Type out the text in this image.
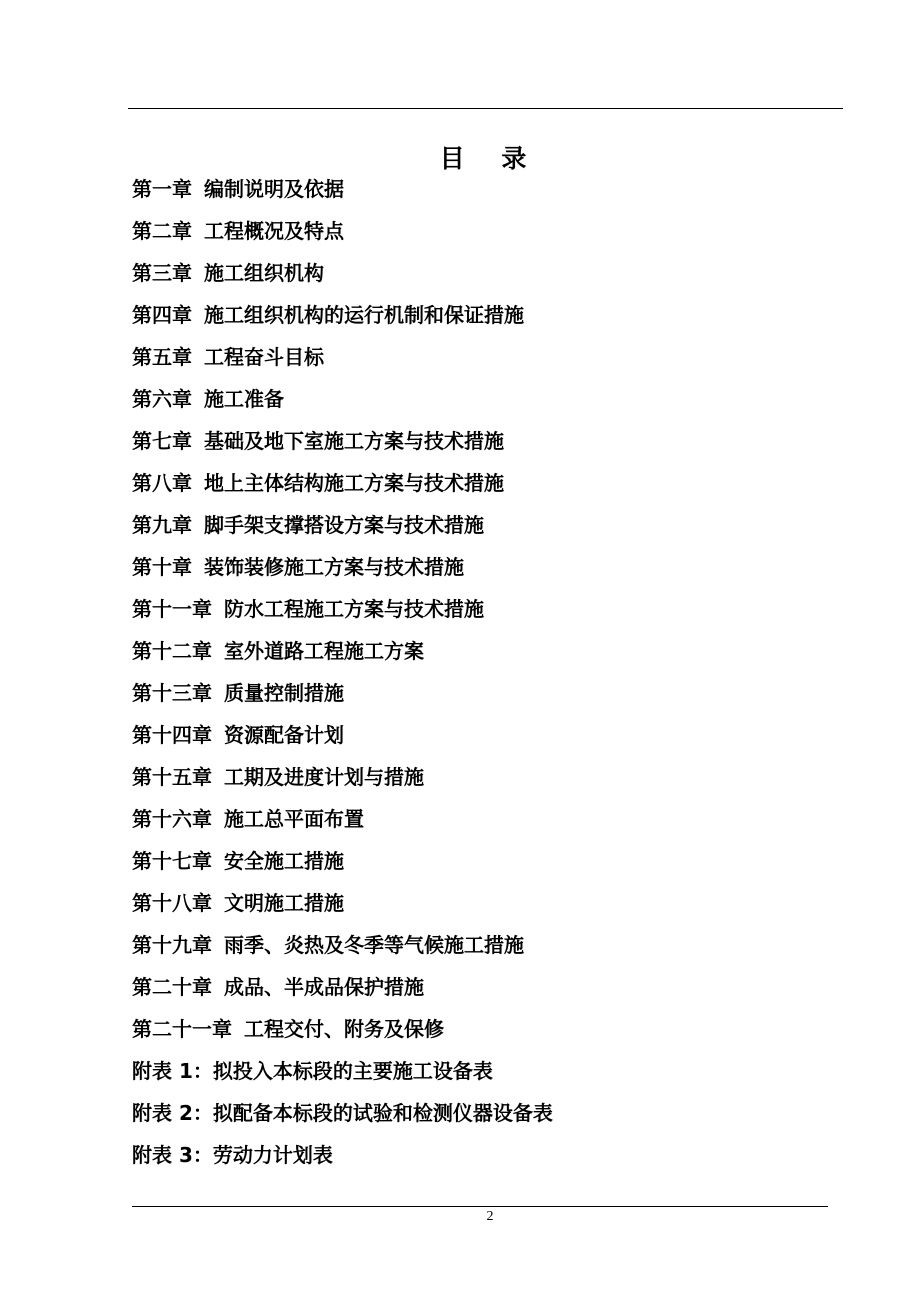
目 录
第一章 编制说明及依据
第二章 工程概况及特点
第三章 施工组织机构
第四章 施工组织机构的运行机制和保证措施
第五章 工程奋斗目标
第六章 施工准备
第七章 基础及地下室施工方案与技术措施
第八章 地上主体结构施工方案与技术措施
第九章 脚手架支撑搭设方案与技术措施
第十章 装饰装修施工方案与技术措施
第十一章 防水工程施工方案与技术措施
第十二章 室外道路工程施工方案
第十三章 质量控制措施
第十四章 资源配备计划
第十五章 工期及进度计划与措施
第十六章 施工总平面布置
第十七章 安全施工措施
第十八章 文明施工措施
第十九章 雨季、炎热及冬季等气候施工措施
第二十章 成品、半成品保护措施
第二十一章 工程交付、附务及保修
附表 1：拟投入本标段的主要施工设备表
附表 2：拟配备本标段的试验和检测仪器设备表
附表 3：劳动力计划表
2
